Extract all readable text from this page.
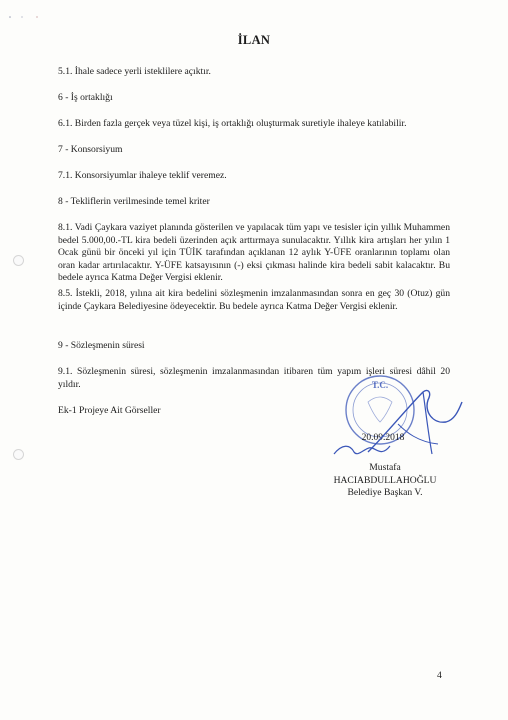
İLAN

5.1. İhale sadece yerli isteklilere açıktır.

6 - İş ortaklığı

6.1. Birden fazla gerçek veya tüzel kişi, iş ortaklığı oluşturmak suretiyle ihaleye katılabilir.

7 - Konsorsiyum

7.1. Konsorsiyumlar ihaleye teklif veremez.

8 - Tekliflerin verilmesinde temel kriter

8.1. Vadi Çaykara vaziyet planında gösterilen ve yapılacak tüm yapı ve tesisler için yıllık Muhammen bedel 5.000,00.-TL kira bedeli üzerinden açık arttırmaya sunulacaktır. Yıllık kira artışları her yılın 1 Ocak günü bir önceki yıl için TÜİK tarafından açıklanan 12 aylık Y-ÜFE oranlarının toplamı olan oran kadar artırılacaktır. Y-ÜFE katsayısının (-) eksi çıkması halinde kira bedeli sabit kalacaktır. Bu bedele ayrıca Katma Değer Vergisi eklenir.

8.5. İstekli, 2018, yılına ait kira bedelini sözleşmenin imzalanmasından sonra en geç 30 (Otuz) gün içinde Çaykara Belediyesine ödeyecektir. Bu bedele ayrıca Katma Değer Vergisi eklenir.

9 - Sözleşmenin süresi

9.1. Sözleşmenin süresi, sözleşmenin imzalanmasından itibaren tüm yapım işleri süresi dâhil 20 yıldır.

Ek-1 Projeye Ait Görseller

T.C.
20.09.2018
Mustafa
HACIABDULLAHOĞLU
Belediye Başkan V.
4
